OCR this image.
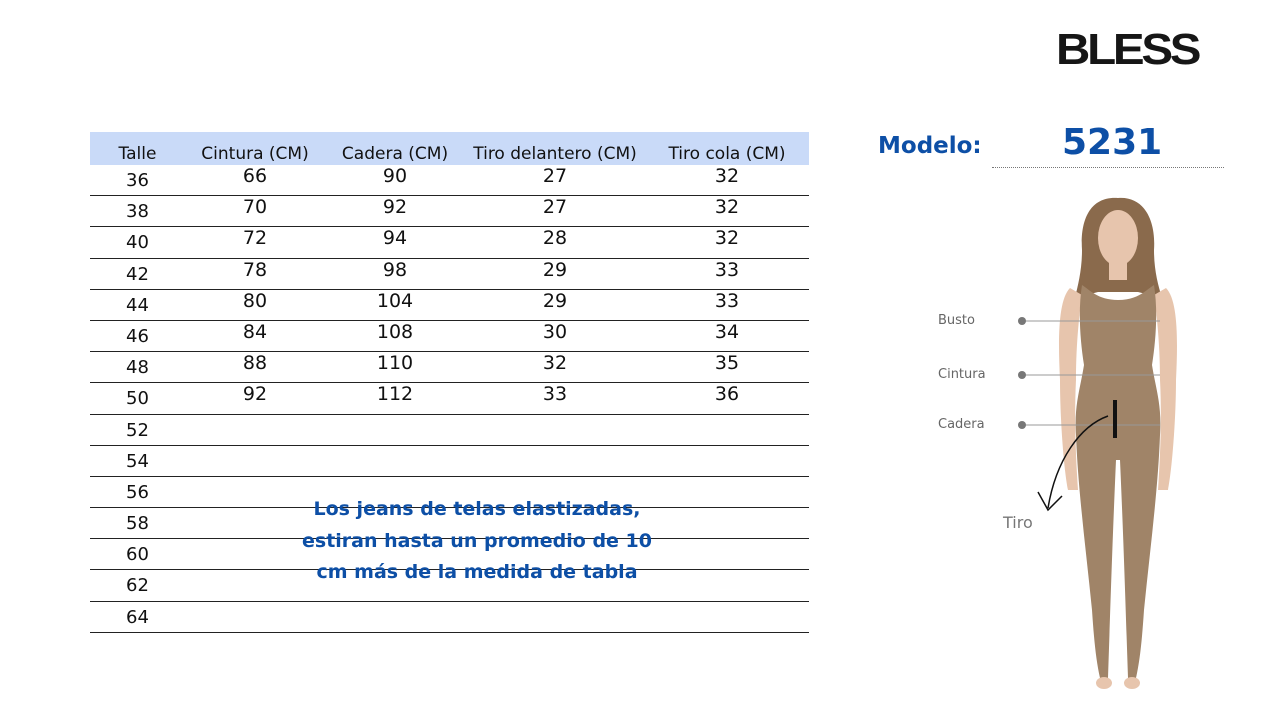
BLESS
Modelo: 5231
Talle	Cintura (CM)	Cadera (CM)	Tiro delantero (CM)	Tiro cola (CM)
36	66	90	27	32
38	70	92	27	32
40	72	94	28	32
42	78	98	29	33
44	80	104	29	33
46	84	108	30	34
48	88	110	32	35
50	92	112	33	36
52
54
56
58
60
62
64
Los jeans de telas elastizadas,
estiran hasta un promedio de 10
cm más de la medida de tabla
Busto
Cintura
Cadera
Tiro
